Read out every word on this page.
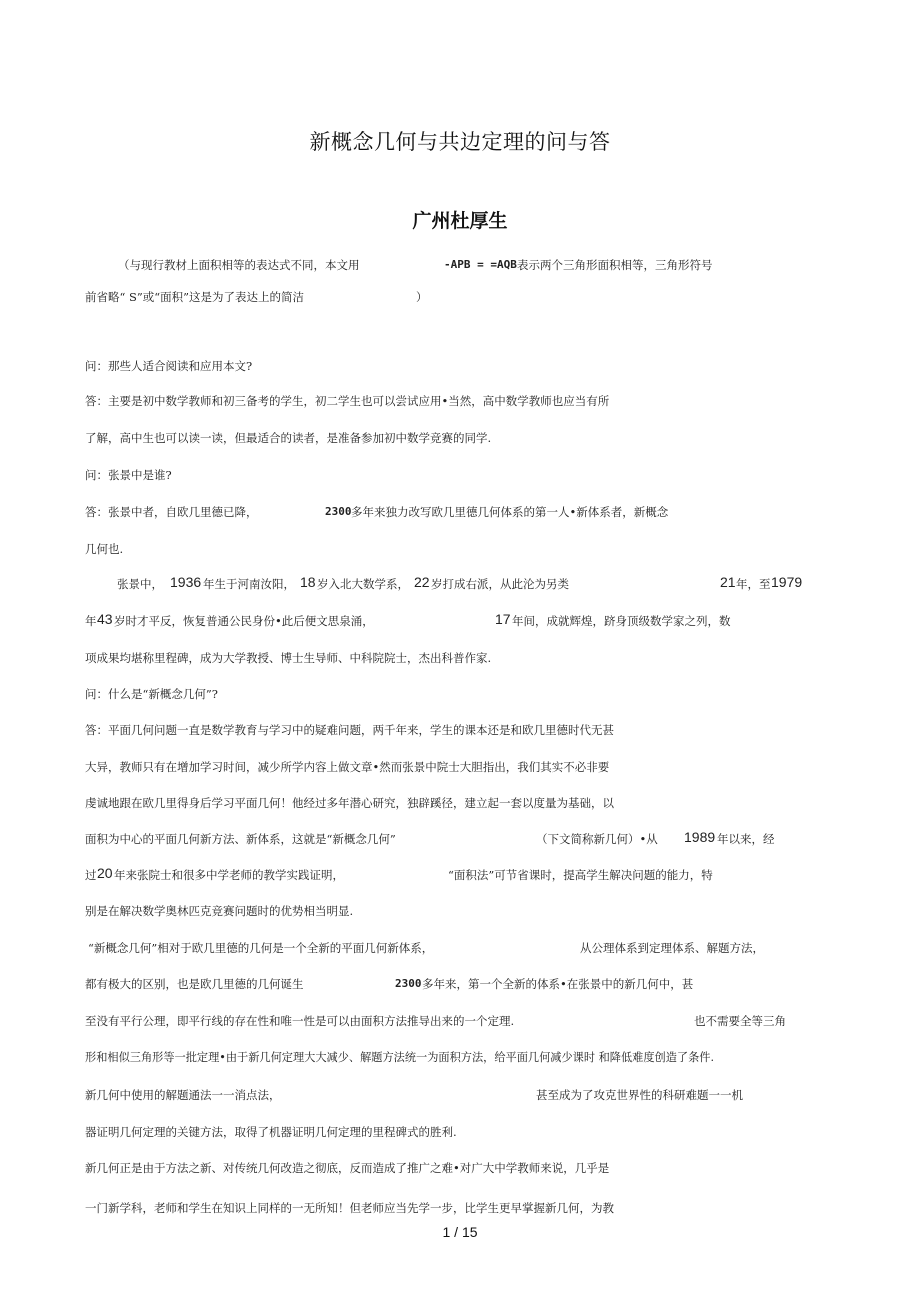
新概念几何与共边定理的问与答
广州杜厚生
（与现行教材上面积相等的表达式不同，本文用	-APB = =AQB 表示两个三角形面积相等，三角形符号
前省略“ S”或“面积”这是为了表达上的简洁	）
问：那些人适合阅读和应用本文?
答：主要是初中数学教师和初三备考的学生，初二学生也可以尝试应用•当然，高中数学教师也应当有所
了解，高中生也可以读一读，但最适合的读者，是准备参加初中数学竞赛的同学.
问：张景中是谁?
答：张景中者，自欧几里德已降，	2300 多年来独力改写欧几里德几何体系的第一人•新体系者，新概念
几何也.
张景中， 1936 年生于河南汝阳， 18 岁入北大数学系， 22 岁打成右派，从此沦为另类	21 年，至 1979
年 43 岁时才平反，恢复普通公民身份•此后便文思泉涌，	17 年间，成就辉煌，跻身顶级数学家之列，数
项成果均堪称里程碑，成为大学教授、博士生导师、中科院院士，杰出科普作家.
问：什么是“新概念几何”?
答：平面几何问题一直是数学教育与学习中的疑难问题，两千年来，学生的课本还是和欧几里德时代无甚
大异，教师只有在增加学习时间，减少所学内容上做文章•然而张景中院士大胆指出，我们其实不必非要
虔诚地跟在欧几里得身后学习平面几何！他经过多年潜心研究，独辟蹊径，建立起一套以度量为基础，以
面积为中心的平面几何新方法、新体系，这就是“新概念几何”	（下文简称新几何）•从 1989 年以来，经
过 20 年来张院士和很多中学老师的教学实践证明，	“面积法”可节省课时，提高学生解决问题的能力，特
别是在解决数学奥林匹克竞赛问题时的优势相当明显.
“新概念几何”相对于欧几里德的几何是一个全新的平面几何新体系，	从公理体系到定理体系、解题方法，
都有极大的区别，也是欧几里德的几何诞生	2300 多年来，第一个全新的体系•在张景中的新几何中，甚
至没有平行公理，即平行线的存在性和唯一性是可以由面积方法推导出来的一个定理.	也不需要全等三角
形和相似三角形等一批定理•由于新几何定理大大减少、解题方法统一为面积方法，给平面几何减少课时 和降低难度创造了条件.
新几何中使用的解题通法一一消点法，	甚至成为了攻克世界性的科研难题一一机
器证明几何定理的关键方法，取得了机器证明几何定理的里程碑式的胜利.
新几何正是由于方法之新、对传统几何改造之彻底，反而造成了推广之难•对广大中学教师来说，几乎是
一门新学科，老师和学生在知识上同样的一无所知！但老师应当先学一步，比学生更早掌握新几何，为教
1 / 15
